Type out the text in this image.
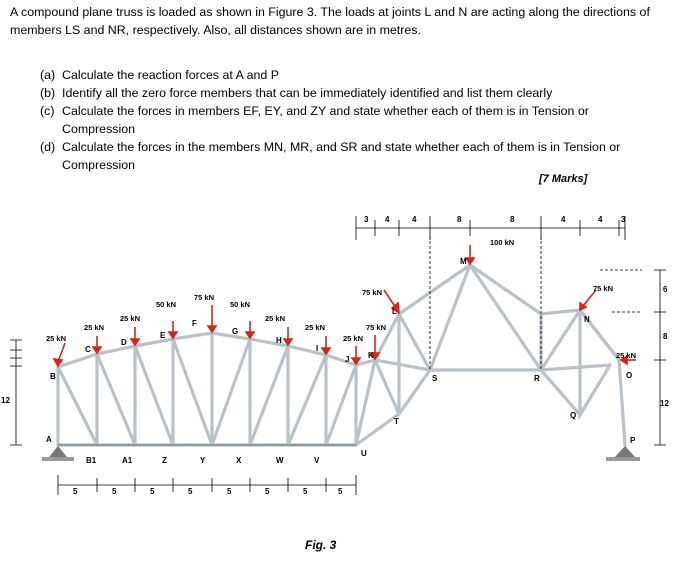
A compound plane truss is loaded as shown in Figure 3. The loads at joints L and N are acting along the directions of members LS and NR, respectively. Also, all distances shown are in metres.
(a) Calculate the reaction forces at A and P
(b) Identify all the zero force members that can be immediately identified and list them clearly
(c) Calculate the forces in members EF, EY, and ZY and state whether each of them is in Tension or Compression
(d) Calculate the forces in the members MN, MR, and SR and state whether each of them is in Tension or Compression
[7 Marks]
3 4	4	8	8	4	4 3
12
6
8
12
5	5	5	5	5	5	5	5
25 kN
25 kN
25 kN
50 kN
75 kN
50 kN
25 kN
25 kN
25 kN
75 kN
75 kN
100 kN
75 kN
25 kN
A
B
C
D
E
F
G
H
I
J K
L
M
N
O
P
Q
R
S
T
U
V
W
X
Y
Z
A1
B1
Fig. 3
